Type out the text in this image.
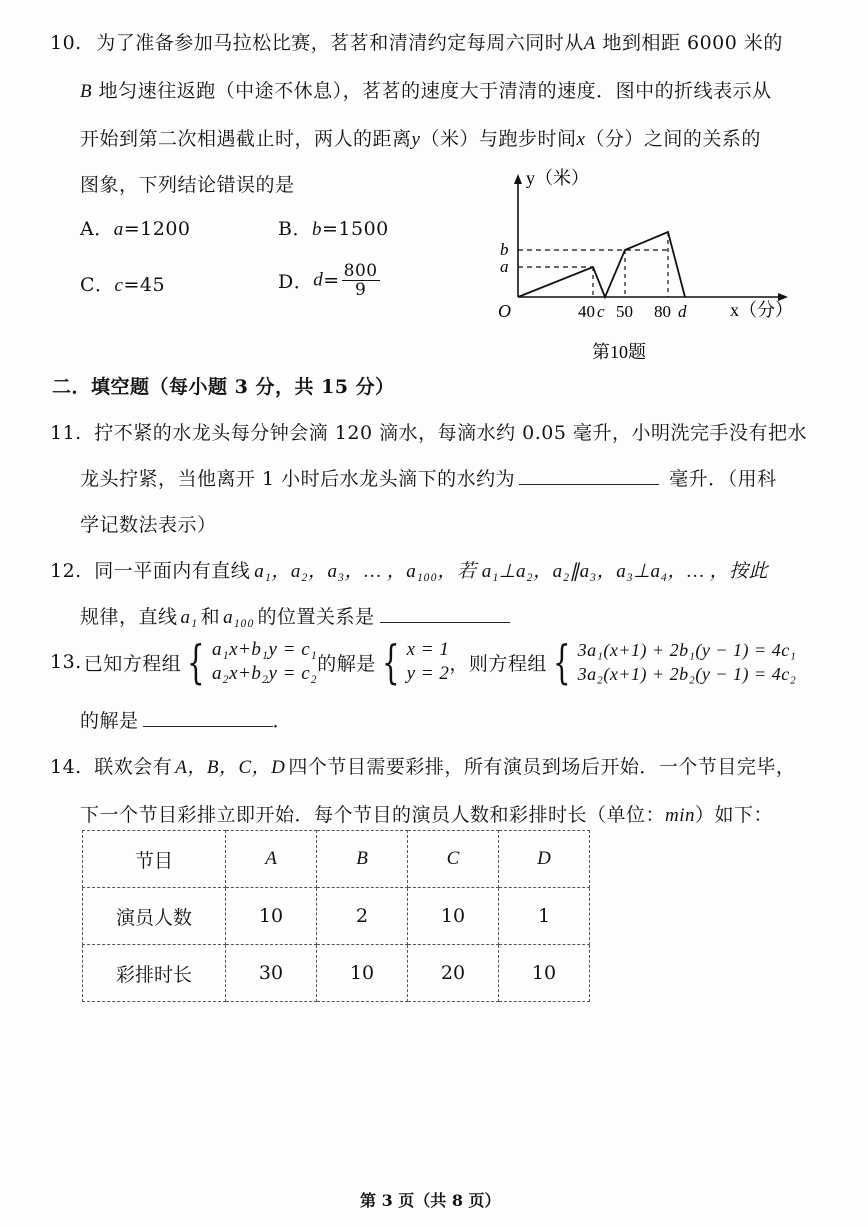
10. 为了准备参加马拉松比赛，茗茗和清清约定每周六同时从A 地到相距 6000 米的
B 地匀速往返跑（中途不休息），茗茗的速度大于清清的速度．图中的折线表示从
开始到第二次相遇截止时，两人的距离y（米）与跑步时间x（分）之间的关系的
图象，下列结论错误的是
A．a=1200	B．b=1500
C．c=45	D．$d= \frac{800}{9}$
y（米）
x（分）
O
b
a
40 c 50 80 d
第10题
二．填空题（每小题 3 分，共 15 分）
11. 拧不紧的水龙头每分钟会滴 120 滴水，每滴水约 0.05 毫升，小明洗完手没有把水
龙头拧紧，当他离开 1 小时后水龙头滴下的水约为	毫升．（用科
学记数法表示）
12. 同一平面内有直线 a₁，a₂，a₃，… ，a₁₀₀，若 a₁⊥a₂，a₂∥a₃，a₃⊥a₄，… ，按此
规律，直线 a₁ 和 a₁₀₀ 的位置关系是
13. 已知方程组 { a₁x+b₁y = c₁
a₂x+b₂y = c₂ 的解是 { x = 1
y = 2 ，则方程组 { 3a₁(x+1) + 2b₁(y − 1) = 4c₁
3a₂(x+1) + 2b₂(y − 1) = 4c₂
的解是	．
14. 联欢会有 A，B，C，D 四个节目需要彩排，所有演员到场后开始．一个节目完毕，
下一个节目彩排立即开始．每个节目的演员人数和彩排时长（单位：min）如下：
节目	A	B	C	D
演员人数	10	2	10	1
彩排时长	30	10	20	10
第 3 页（共 8 页）
